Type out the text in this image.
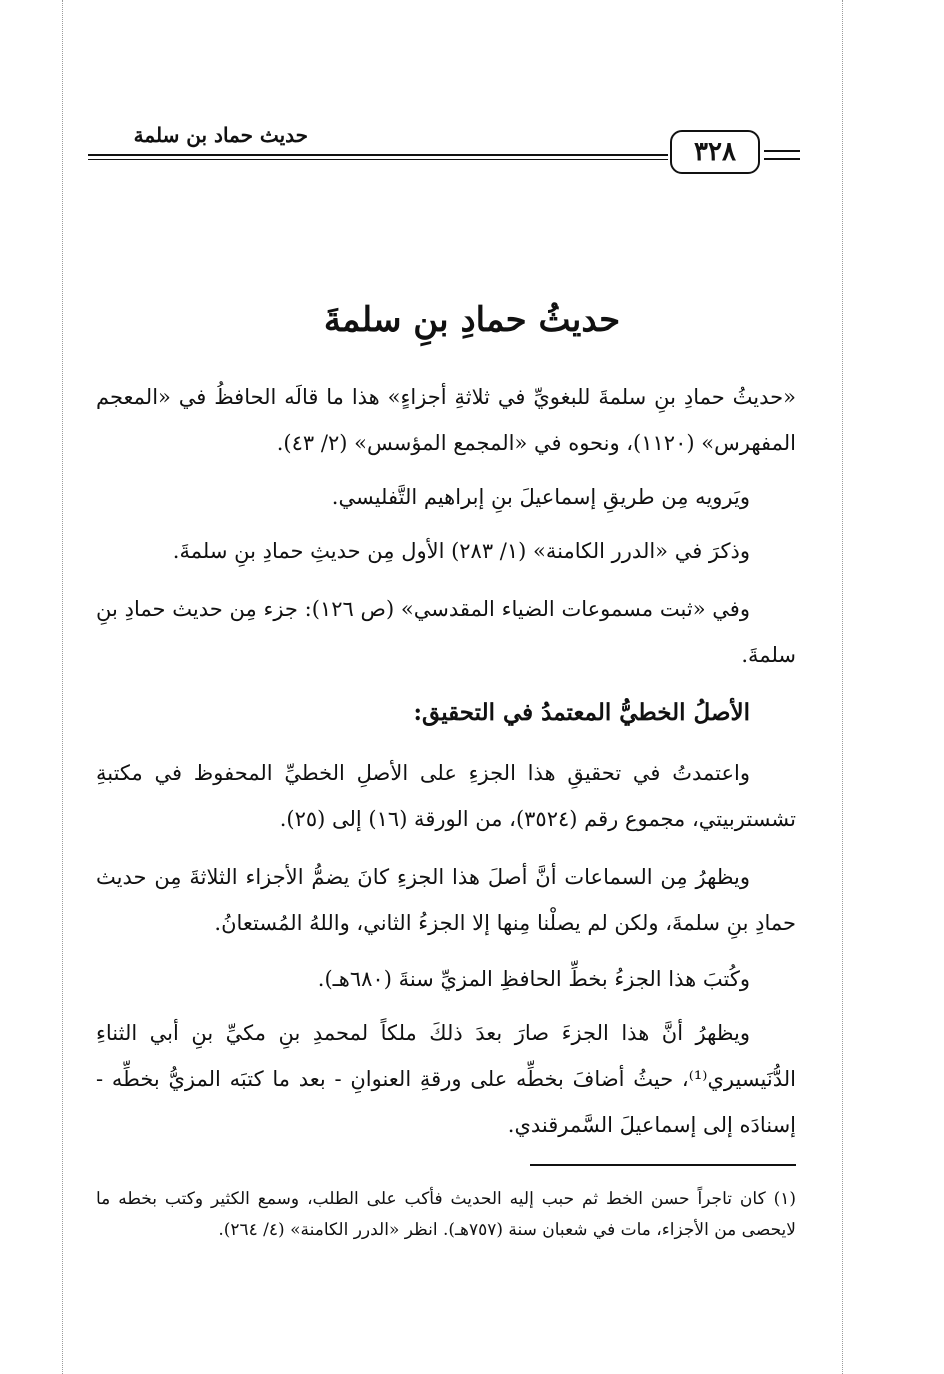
حديث حماد بن سلمة
٣٢٨
حديثُ حمادِ بنِ سلمةَ
«حديثُ حمادِ بنِ سلمةَ للبغويِّ في ثلاثةِ أجزاءٍ» هذا ما قالَه الحافظُ في «المعجم المفهرس» (١١٢٠)، ونحوه في «المجمع المؤسس» (٢/ ٤٣).
ويَرويه مِن طريقِ إسماعيلَ بنِ إبراهيم التَّفليسي.
وذكرَ في «الدرر الكامنة» (١/ ٢٨٣) الأول مِن حديثِ حمادِ بنِ سلمةَ.
وفي «ثبت مسموعات الضياء المقدسي» (ص ١٢٦): جزء مِن حديث حمادِ بنِ سلمةَ.
الأصلُ الخطيُّ المعتمدُ في التحقيق:
واعتمدتُ في تحقيقِ هذا الجزءِ على الأصلِ الخطيِّ المحفوظ في مكتبةِ تشستربيتي، مجموع رقم (٣٥٢٤)، من الورقة (١٦) إلى (٢٥).
ويظهرُ مِن السماعات أنَّ أصلَ هذا الجزءِ كانَ يضمُّ الأجزاء الثلاثةَ مِن حديث حمادِ بنِ سلمةَ، ولكن لم يصلْنا مِنها إلا الجزءُ الثاني، واللهُ المُستعانُ.
وكُتبَ هذا الجزءُ بخطِّ الحافظِ المزيِّ سنةَ (٦٨٠هـ).
ويظهرُ أنَّ هذا الجزءَ صارَ بعدَ ذلكَ ملكاً لمحمدِ بنِ مكيِّ بنِ أبي الثناءِ الدُّنَيسيري⁽¹⁾، حيثُ أضافَ بخطِّه على ورقةِ العنوانِ - بعد ما كتبَه المزيُّ بخطِّه - إسنادَه إلى إسماعيلَ السَّمرقندي.
(١) كان تاجراً حسن الخط ثم حبب إليه الحديث فأكب على الطلب، وسمع الكثير وكتب بخطه ما لايحصى من الأجزاء، مات في شعبان سنة (٧٥٧هـ). انظر «الدرر الكامنة» (٤/ ٢٦٤).
